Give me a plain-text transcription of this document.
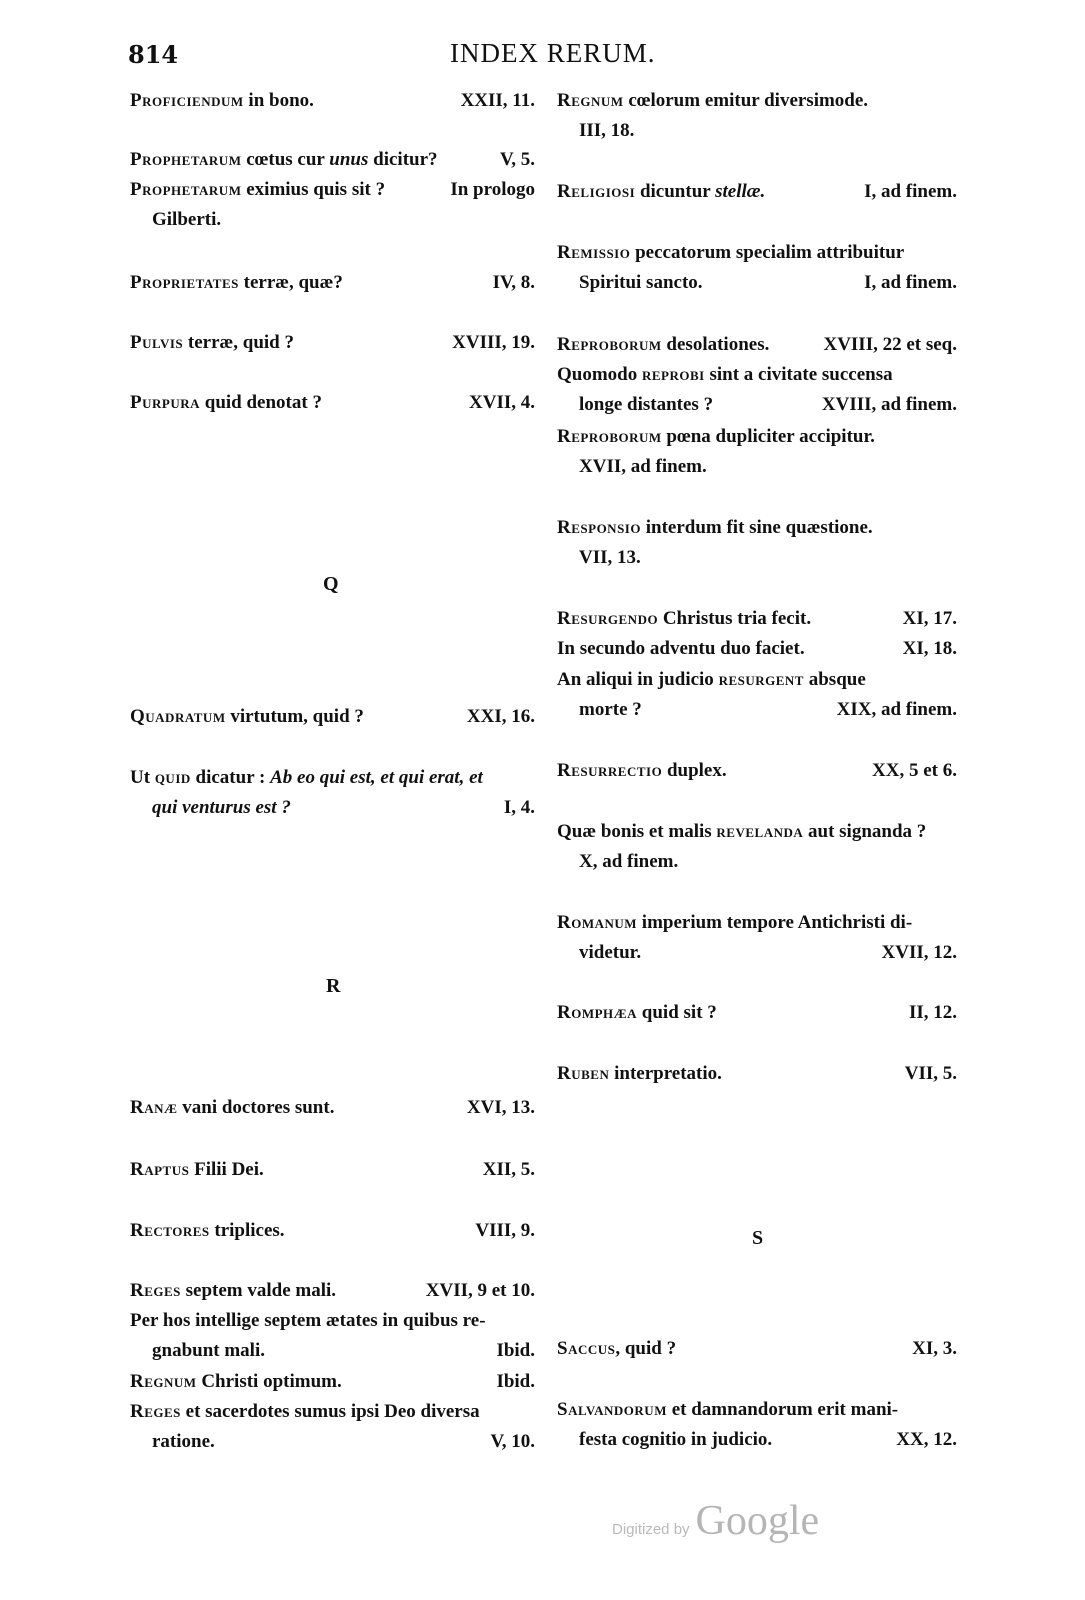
814	INDEX RERUM.
Proficiendum in bono.	XXII, 11.
Prophetarum cœtus cur unus dicitur?	V, 5.
Prophetarum eximius quis sit ?	In prologo
Gilberti.
Proprietates terræ, quæ?	IV, 8.
Pulvis terræ, quid ?	XVIII, 19.
Purpura quid denotat ?	XVII, 4.
Q
Quadratum virtutum, quid ?	XXI, 16.
Ut quid dicatur : Ab eo qui est, et qui erat, et
qui venturus est ?	I, 4.
R
Ranæ vani doctores sunt.	XVI, 13.
Raptus Filii Dei.	XII, 5.
Rectores triplices.	VIII, 9.
Reges septem valde mali.	XVII, 9 et 10.
Per hos intellige septem ætates in quibus re-
gnabunt mali.	Ibid.
Regnum Christi optimum.	Ibid.
Reges et sacerdotes sumus ipsi Deo diversa
ratione.	V, 10.
Regnum cœlorum emitur diversimode.
III, 18.
Religiosi dicuntur stellæ.	I, ad finem.
Remissio peccatorum specialim attribuitur
Spiritui sancto.	I, ad finem.
Reproborum desolationes.	XVIII, 22 et seq.
Quomodo reprobi sint a civitate succensa
longe distantes ?	XVIII, ad finem.
Reproborum pœna dupliciter accipitur.
XVII, ad finem.
Responsio interdum fit sine quæstione.
VII, 13.
Resurgendo Christus tria fecit.	XI, 17.
In secundo adventu duo faciet.	XI, 18.
An aliqui in judicio resurgent absque
morte ?	XIX, ad finem.
Resurrectio duplex.	XX, 5 et 6.
Quæ bonis et malis revelanda aut signanda ?
X, ad finem.
Romanum imperium tempore Antichristi di-
videtur.	XVII, 12.
Romphæa quid sit ?	II, 12.
Ruben interpretatio.	VII, 5.
S
Saccus, quid ?	XI, 3.
Salvandorum et damnandorum erit mani-
festa cognitio in judicio.	XX, 12.
Digitized by Google
